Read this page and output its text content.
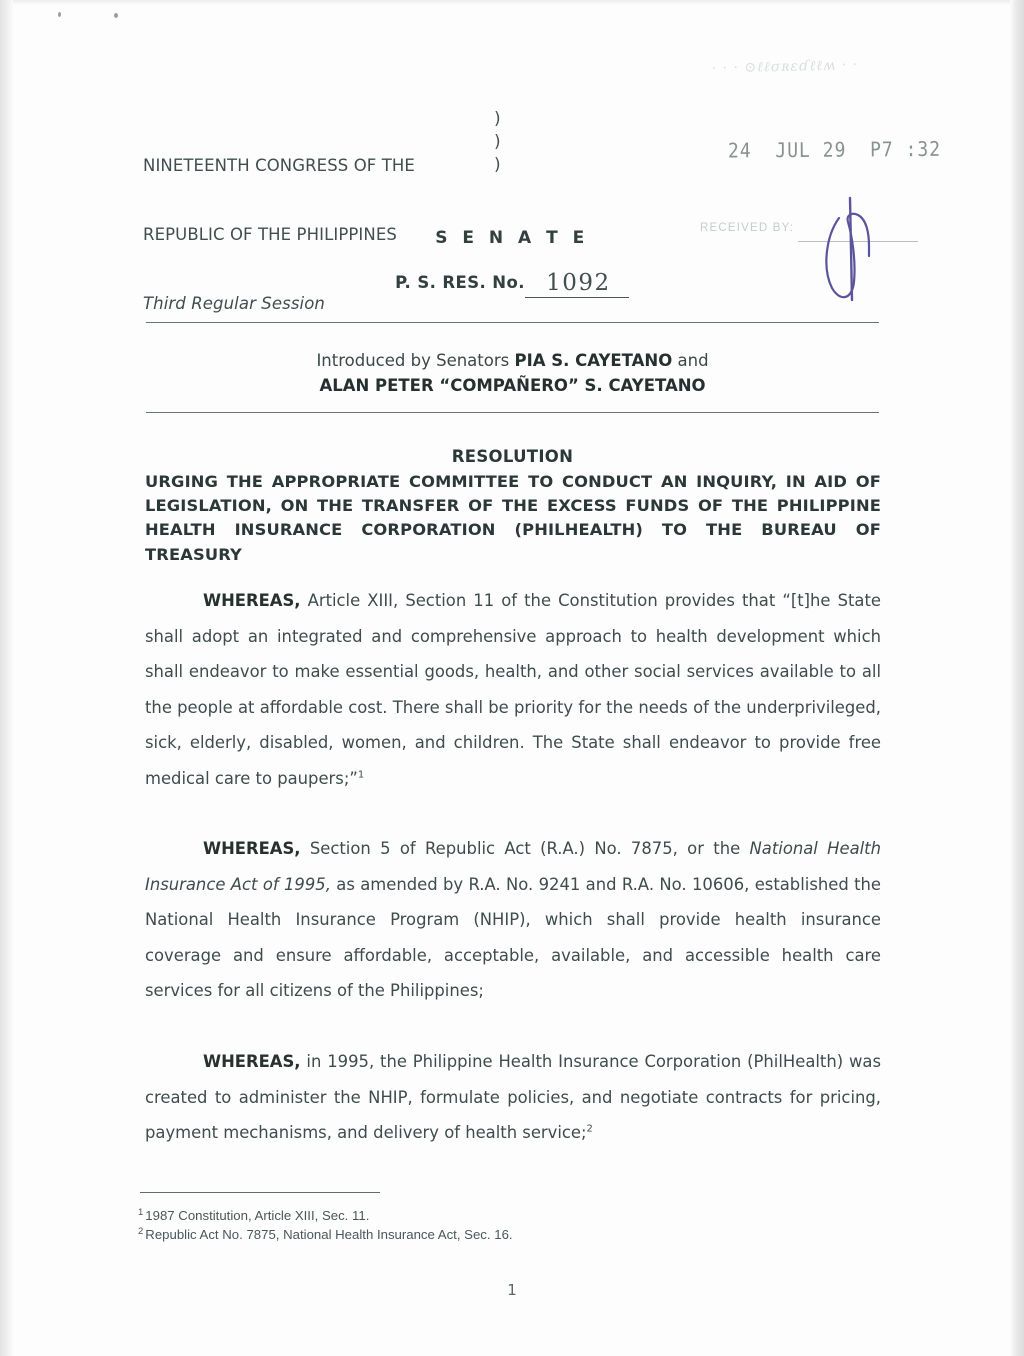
NINETEENTH CONGRESS OF THE

REPUBLIC OF THE PHILIPPINES

Third Regular Session

)
)
)
· · · ⊙ℓℓσʀεɗℓℓʍ · ·
24  JUL 29  P7 :32
RECEIVED BY:
S E N A T E
P. S. RES. No. 1092
Introduced by Senators PIA S. CAYETANO and
ALAN PETER “COMPAÑERO” S. CAYETANO
RESOLUTION
URGING THE APPROPRIATE COMMITTEE TO CONDUCT AN INQUIRY, IN AID OF LEGISLATION, ON THE TRANSFER OF THE EXCESS FUNDS OF THE PHILIPPINE HEALTH INSURANCE CORPORATION (PHILHEALTH) TO THE BUREAU OF TREASURY
WHEREAS, Article XIII, Section 11 of the Constitution provides that “[t]he State shall adopt an integrated and comprehensive approach to health development which shall endeavor to make essential goods, health, and other social services available to all the people at affordable cost. There shall be priority for the needs of the underprivileged, sick, elderly, disabled, women, and children. The State shall endeavor to provide free medical care to paupers;”$^1$
WHEREAS, Section 5 of Republic Act (R.A.) No. 7875, or the National Health Insurance Act of 1995, as amended by R.A. No. 9241 and R.A. No. 10606, established the National Health Insurance Program (NHIP), which shall provide health insurance coverage and ensure affordable, acceptable, available, and accessible health care services for all citizens of the Philippines;
WHEREAS, in 1995, the Philippine Health Insurance Corporation (PhilHealth) was created to administer the NHIP, formulate policies, and negotiate contracts for pricing, payment mechanisms, and delivery of health service;$^2$
$^1$ 1987 Constitution, Article XIII, Sec. 11.
$^2$ Republic Act No. 7875, National Health Insurance Act, Sec. 16.
1
